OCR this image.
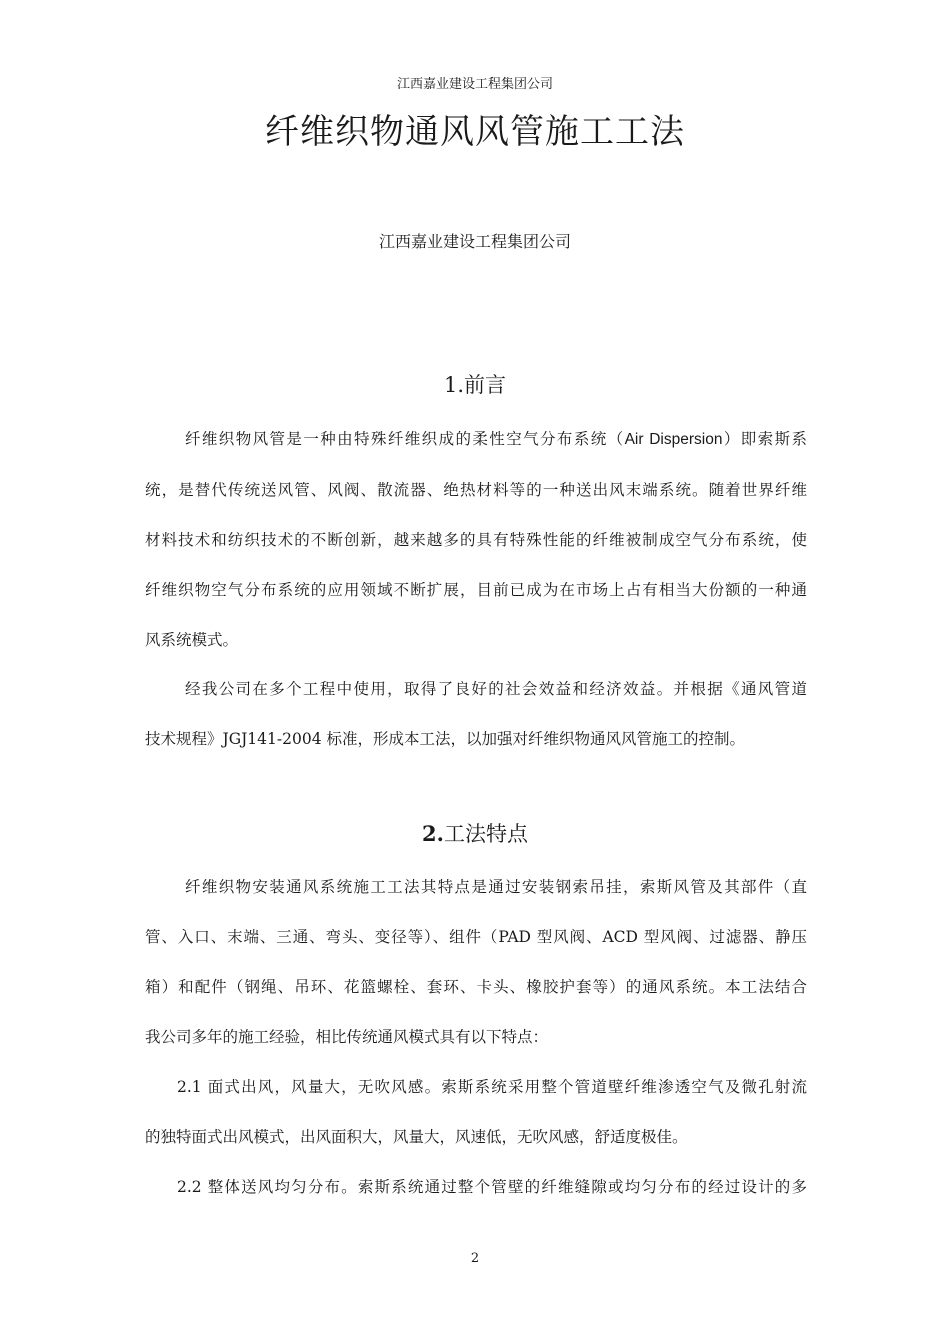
江西嘉业建设工程集团公司
纤维织物通风风管施工工法
江西嘉业建设工程集团公司
1.前言
纤维织物风管是一种由特殊纤维织成的柔性空气分布系统（Air Dispersion）即索斯系
统，是替代传统送风管、风阀、散流器、绝热材料等的一种送出风末端系统。随着世界纤维
材料技术和纺织技术的不断创新，越来越多的具有特殊性能的纤维被制成空气分布系统，使
纤维织物空气分布系统的应用领域不断扩展，目前已成为在市场上占有相当大份额的一种通
风系统模式。
经我公司在多个工程中使用，取得了良好的社会效益和经济效益。并根据《通风管道
技术规程》JGJ141-2004 标准，形成本工法，以加强对纤维织物通风风管施工的控制。
2.工法特点
纤维织物安装通风系统施工工法其特点是通过安装钢索吊挂，索斯风管及其部件（直
管、入口、末端、三通、弯头、变径等）、组件（PAD 型风阀、ACD 型风阀、过滤器、静压
箱）和配件（钢绳、吊环、花篮螺栓、套环、卡头、橡胶护套等）的通风系统。本工法结合
我公司多年的施工经验，相比传统通风模式具有以下特点：
2.1 面式出风，风量大，无吹风感。索斯系统采用整个管道壁纤维渗透空气及微孔射流
的独特面式出风模式，出风面积大，风量大，风速低，无吹风感，舒适度极佳。
2.2 整体送风均匀分布。索斯系统通过整个管壁的纤维缝隙或均匀分布的经过设计的多
2
